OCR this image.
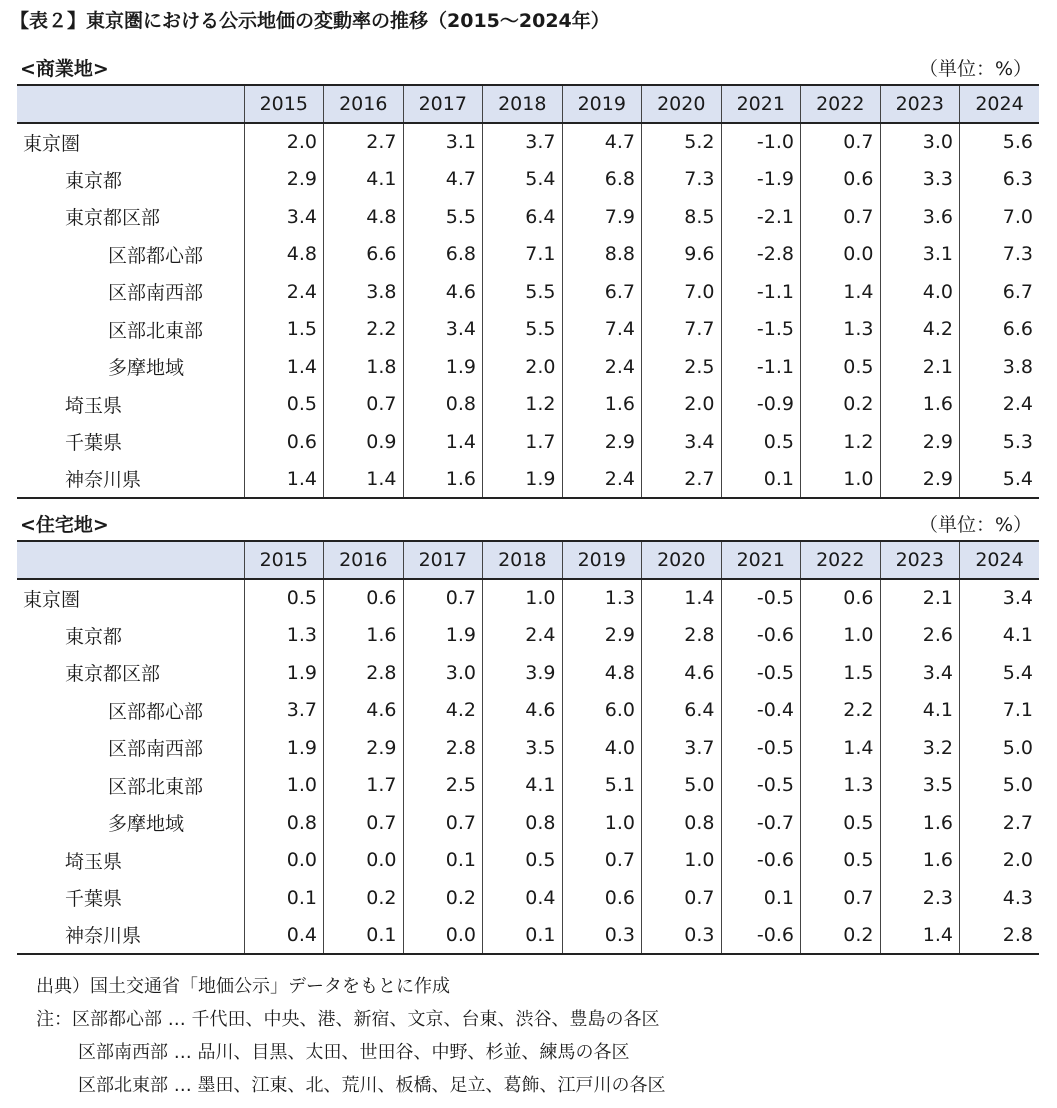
【表２】東京圏における公示地価の変動率の推移（2015～2024年）
<商業地>	（単位：%）
	2015	2016	2017	2018	2019	2020	2021	2022	2023	2024
東京圏	2.0	2.7	3.1	3.7	4.7	5.2	-1.0	0.7	3.0	5.6
東京都	2.9	4.1	4.7	5.4	6.8	7.3	-1.9	0.6	3.3	6.3
東京都区部	3.4	4.8	5.5	6.4	7.9	8.5	-2.1	0.7	3.6	7.0
区部都心部	4.8	6.6	6.8	7.1	8.8	9.6	-2.8	0.0	3.1	7.3
区部南西部	2.4	3.8	4.6	5.5	6.7	7.0	-1.1	1.4	4.0	6.7
区部北東部	1.5	2.2	3.4	5.5	7.4	7.7	-1.5	1.3	4.2	6.6
多摩地域	1.4	1.8	1.9	2.0	2.4	2.5	-1.1	0.5	2.1	3.8
埼玉県	0.5	0.7	0.8	1.2	1.6	2.0	-0.9	0.2	1.6	2.4
千葉県	0.6	0.9	1.4	1.7	2.9	3.4	0.5	1.2	2.9	5.3
神奈川県	1.4	1.4	1.6	1.9	2.4	2.7	0.1	1.0	2.9	5.4
<住宅地>	（単位：%）
	2015	2016	2017	2018	2019	2020	2021	2022	2023	2024
東京圏	0.5	0.6	0.7	1.0	1.3	1.4	-0.5	0.6	2.1	3.4
東京都	1.3	1.6	1.9	2.4	2.9	2.8	-0.6	1.0	2.6	4.1
東京都区部	1.9	2.8	3.0	3.9	4.8	4.6	-0.5	1.5	3.4	5.4
区部都心部	3.7	4.6	4.2	4.6	6.0	6.4	-0.4	2.2	4.1	7.1
区部南西部	1.9	2.9	2.8	3.5	4.0	3.7	-0.5	1.4	3.2	5.0
区部北東部	1.0	1.7	2.5	4.1	5.1	5.0	-0.5	1.3	3.5	5.0
多摩地域	0.8	0.7	0.7	0.8	1.0	0.8	-0.7	0.5	1.6	2.7
埼玉県	0.0	0.0	0.1	0.5	0.7	1.0	-0.6	0.5	1.6	2.0
千葉県	0.1	0.2	0.2	0.4	0.6	0.7	0.1	0.7	2.3	4.3
神奈川県	0.4	0.1	0.0	0.1	0.3	0.3	-0.6	0.2	1.4	2.8
出典）国土交通省「地価公示」データをもとに作成
注：区部都心部 … 千代田、中央、港、新宿、文京、台東、渋谷、豊島の各区
区部南西部 … 品川、目黒、太田、世田谷、中野、杉並、練馬の各区
区部北東部 … 墨田、江東、北、荒川、板橋、足立、葛飾、江戸川の各区
